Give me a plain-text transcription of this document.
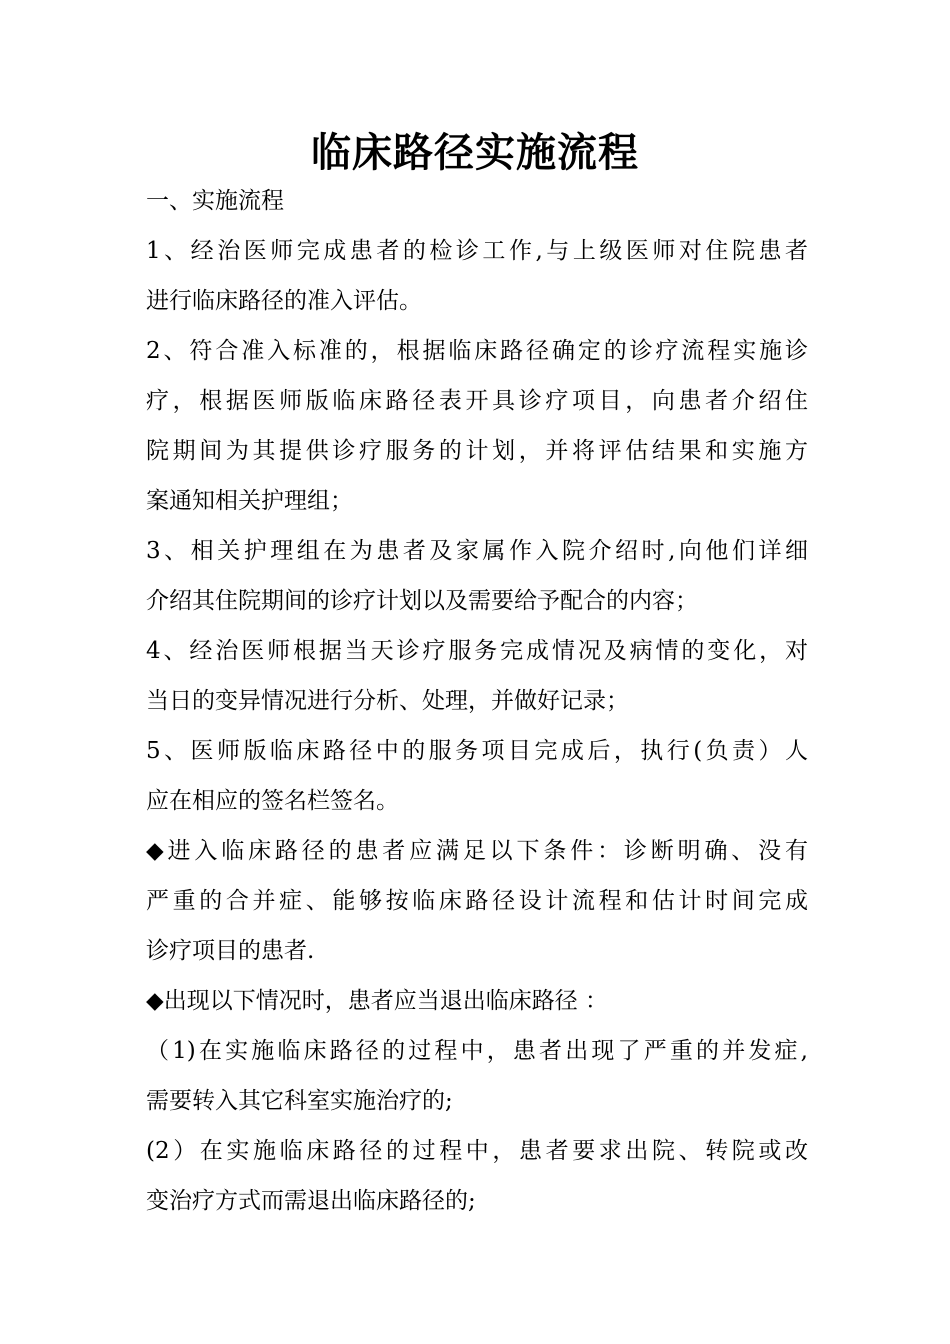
临床路径实施流程
一、实施流程
1、经治医师完成患者的检诊工作,与上级医师对住院患者
进行临床路径的准入评估。
2、符合准入标准的，根据临床路径确定的诊疗流程实施诊
疗，根据医师版临床路径表开具诊疗项目，向患者介绍住
院期间为其提供诊疗服务的计划，并将评估结果和实施方
案通知相关护理组；
3、相关护理组在为患者及家属作入院介绍时,向他们详细
介绍其住院期间的诊疗计划以及需要给予配合的内容；
4、经治医师根据当天诊疗服务完成情况及病情的变化，对
当日的变异情况进行分析、处理，并做好记录；
5、医师版临床路径中的服务项目完成后，执行(负责）人
应在相应的签名栏签名。
◆进入临床路径的患者应满足以下条件：诊断明确、没有
严重的合并症、能够按临床路径设计流程和估计时间完成
诊疗项目的患者.
◆出现以下情况时，患者应当退出临床路径 ：
（1)在实施临床路径的过程中，患者出现了严重的并发症,
需要转入其它科室实施治疗的;
(2）在实施临床路径的过程中，患者要求出院、转院或改
变治疗方式而需退出临床路径的;
